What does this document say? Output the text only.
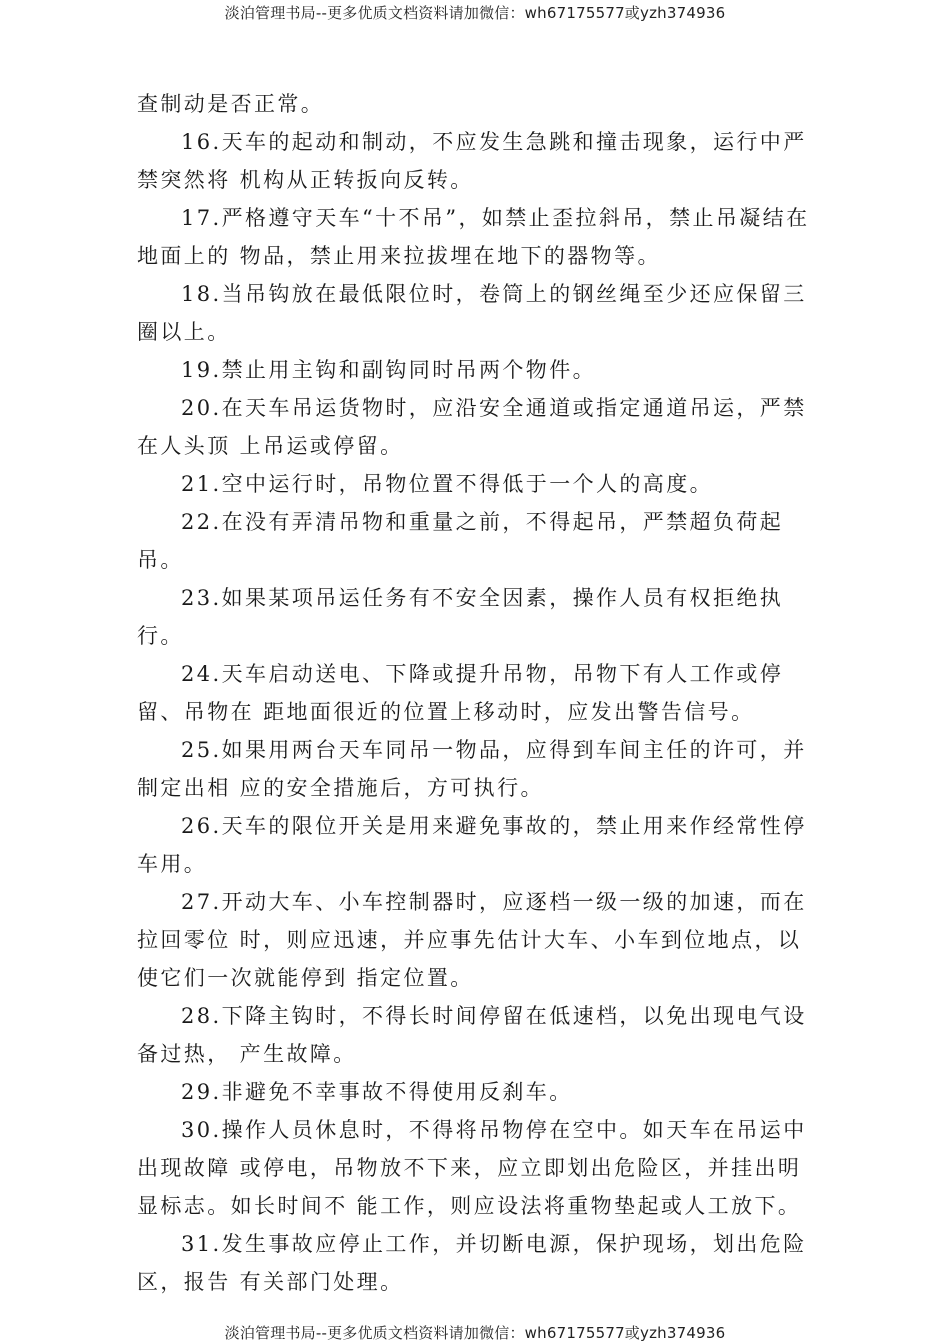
淡泊管理书局--更多优质文档资料请加微信：wh67175577或yzh374936

查制动是否正常。

16.天车的起动和制动，不应发生急跳和撞击现象，运行中严禁突然将 机构从正转扳向反转。

17.严格遵守天车“十不吊”，如禁止歪拉斜吊，禁止吊凝结在地面上的 物品，禁止用来拉拔埋在地下的器物等。

18.当吊钩放在最低限位时，卷筒上的钢丝绳至少还应保留三圈以上。

19.禁止用主钩和副钩同时吊两个物件。

20.在天车吊运货物时，应沿安全通道或指定通道吊运，严禁在人头顶 上吊运或停留。

21.空中运行时，吊物位置不得低于一个人的高度。

22.在没有弄清吊物和重量之前，不得起吊，严禁超负荷起吊。

23.如果某项吊运任务有不安全因素，操作人员有权拒绝执行。

24.天车启动送电、下降或提升吊物，吊物下有人工作或停留、吊物在 距地面很近的位置上移动时，应发出警告信号。

25.如果用两台天车同吊一物品，应得到车间主任的许可，并制定出相 应的安全措施后，方可执行。

26.天车的限位开关是用来避免事故的，禁止用来作经常性停车用。

27.开动大车、小车控制器时，应逐档一级一级的加速，而在拉回零位 时，则应迅速，并应事先估计大车、小车到位地点，以使它们一次就能停到 指定位置。

28.下降主钩时，不得长时间停留在低速档，以免出现电气设备过热， 产生故障。

29.非避免不幸事故不得使用反刹车。

30.操作人员休息时，不得将吊物停在空中。如天车在吊运中出现故障 或停电，吊物放不下来，应立即划出危险区，并挂出明显标志。如长时间不 能工作，则应设法将重物垫起或人工放下。

31.发生事故应停止工作，并切断电源，保护现场，划出危险区，报告 有关部门处理。

淡泊管理书局--更多优质文档资料请加微信：wh67175577或yzh374936
